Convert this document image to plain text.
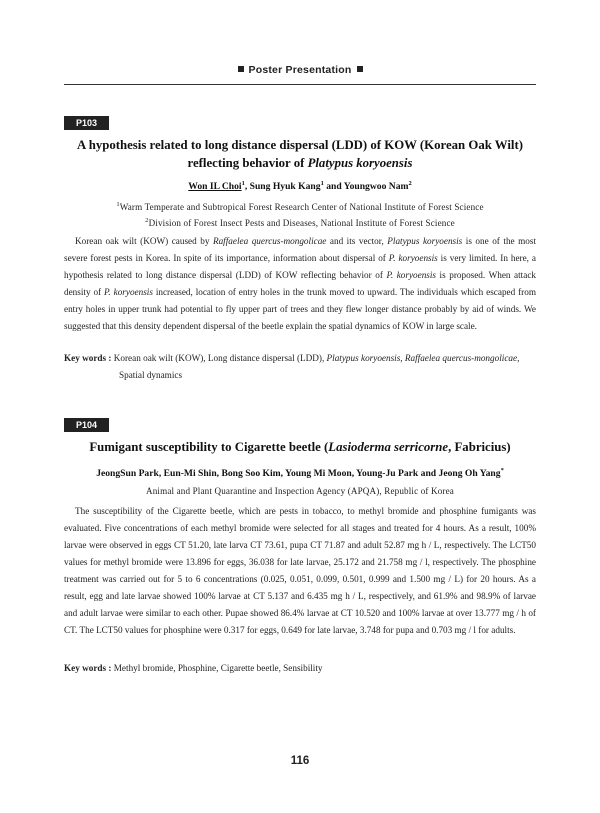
Poster Presentation
P103
A hypothesis related to long distance dispersal (LDD) of KOW (Korean Oak Wilt)
reflecting behavior of Platypus koryoensis
Won IL Choi$^1$, Sung Hyuk Kang$^1$ and Youngwoo Nam$^2$
$^1$Warm Temperate and Subtropical Forest Research Center of National Institute of Forest Science
$^2$Division of Forest Insect Pests and Diseases, National Institute of Forest Science

Korean oak wilt (KOW) caused by Raffaelea quercus-mongolicae and its vector, Platypus koryoensis is one of the most severe forest pests in Korea. In spite of its importance, information about dispersal of P. koryoensis is very limited. In here, a hypothesis related to long distance dispersal (LDD) of KOW reflecting behavior of P. koryoensis is proposed. When attack density of P. koryoensis increased, location of entry holes in the trunk moved to upward. The individuals which escaped from entry holes in upper trunk had potential to fly upper part of trees and they flew longer distance probably by aid of winds. We suggested that this density dependent dispersal of the beetle explain the spatial dynamics of KOW in large scale.

Key words : Korean oak wilt (KOW), Long distance dispersal (LDD), Platypus koryoensis, Raffaelea quercus-mongolicae,
Spatial dynamics
P104
Fumigant susceptibility to Cigarette beetle (Lasioderma serricorne, Fabricius)
JeongSun Park, Eun-Mi Shin, Bong Soo Kim, Young Mi Moon, Young-Ju Park and Jeong Oh Yang*
Animal and Plant Quarantine and Inspection Agency (APQA), Republic of Korea

The susceptibility of the Cigarette beetle, which are pests in tobacco, to methyl bromide and phosphine fumigants was evaluated. Five concentrations of each methyl bromide were selected for all stages and treated for 4 hours. As a result, 100% larvae were observed in eggs CT 51.20, late larva CT 73.61, pupa CT 71.87 and adult 52.87 mg h / L, respectively. The LCT50 values for methyl bromide were 13.896 for eggs, 36.038 for late larvae, 25.172 and 21.758 mg / l, respectively. The phosphine treatment was carried out for 5 to 6 concentrations (0.025, 0.051, 0.099, 0.501, 0.999 and 1.500 mg / L) for 20 hours. As a result, egg and late larvae showed 100% larvae at CT 5.137 and 6.435 mg h / L, respectively, and 61.9% and 98.9% of larvae and adult larvae were similar to each other. Pupae showed 86.4% larvae at CT 10.520 and 100% larvae at over 13.777 mg / h of CT. The LCT50 values for phosphine were 0.317 for eggs, 0.649 for late larvae, 3.748 for pupa and 0.703 mg / l for adults.

Key words : Methyl bromide, Phosphine, Cigarette beetle, Sensibility
116
